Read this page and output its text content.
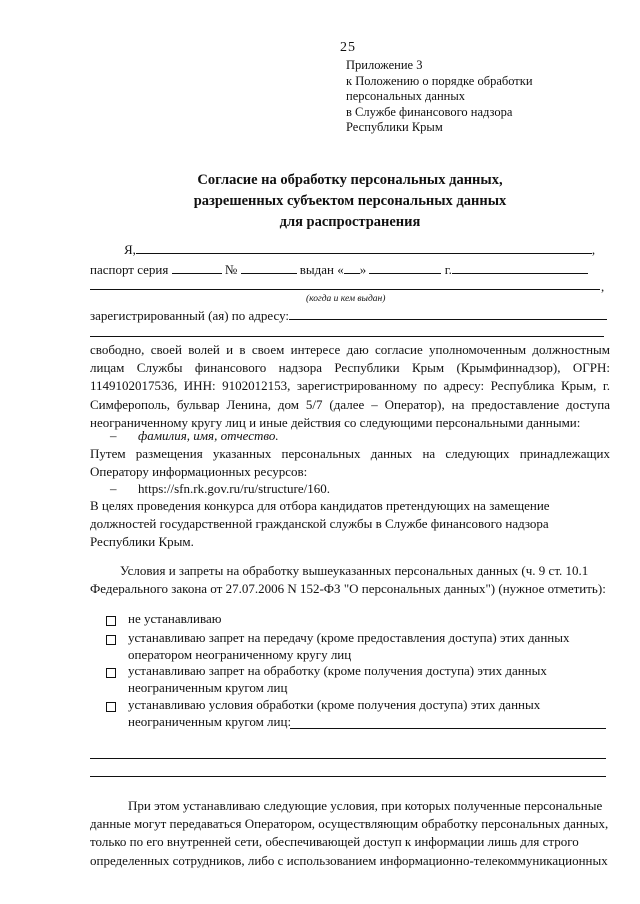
25
Приложение 3
к Положению о порядке обработки
персональных данных
в Службе финансового надзора
Республики Крым
Согласие на обработку персональных данных,
разрешенных субъектом персональных данных
для распространения
Я,	,
паспорт серия	№	выдан « »	г.
,
(когда и кем выдан)
зарегистрированный (ая) по адресу:
свободно, своей волей и в своем интересе даю согласие уполномоченным должностным
лицам Службы финансового надзора Республики Крым (Крымфиннадзор), ОГРН:
1149102017536, ИНН: 9102012153, зарегистрированному по адресу: Республика Крым, г.
Симферополь, бульвар Ленина, дом 5/7 (далее – Оператор), на предоставление доступа
неограниченному кругу лиц и иные действия со следующими персональными данными:
– фамилия, имя, отчество.
Путем размещения указанных персональных данных на следующих принадлежащих
Оператору информационных ресурсов:
– https://sfn.rk.gov.ru/ru/structure/160.
В целях проведения конкурса для отбора кандидатов претендующих на замещение
должностей государственной гражданской службы в Службе финансового надзора
Республики Крым.
Условия и запреты на обработку вышеуказанных персональных данных (ч. 9 ст. 10.1
Федерального закона от 27.07.2006 N 152-ФЗ "О персональных данных") (нужное отметить):
не устанавливаю
устанавливаю запрет на передачу (кроме предоставления доступа) этих данных
оператором неограниченному кругу лиц
устанавливаю запрет на обработку (кроме получения доступа) этих данных
неограниченным кругом лиц
устанавливаю условия обработки (кроме получения доступа) этих данных
неограниченным кругом лиц:
При этом устанавливаю следующие условия, при которых полученные персональные
данные могут передаваться Оператором, осуществляющим обработку персональных данных,
только по его внутренней сети, обеспечивающей доступ к информации лишь для строго
определенных сотрудников, либо с использованием информационно-телекоммуникационных
